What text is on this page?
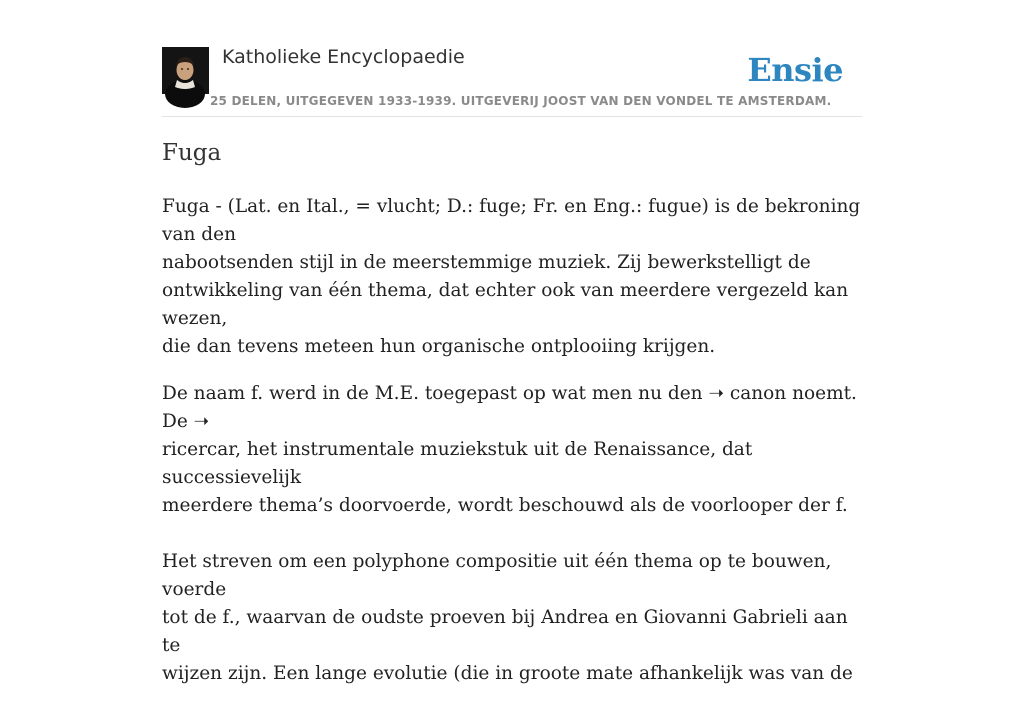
Katholieke Encyclopaedie
25 DELEN, UITGEGEVEN 1933-1939. UITGEVERIJ JOOST VAN DEN VONDEL TE AMSTERDAM.
Ensie
Fuga

Fuga - (Lat. en Ital., = vlucht; D.: fuge; Fr. en Eng.: fugue) is de bekroning van den
nabootsenden stijl in de meerstemmige muziek. Zij bewerkstelligt de
ontwikkeling van één thema, dat echter ook van meerdere vergezeld kan wezen,
die dan tevens meteen hun organische ontplooiing krijgen.

De naam f. werd in de M.E. toegepast op wat men nu den ➝ canon noemt. De ➝
ricercar, het instrumentale muziekstuk uit de Renaissance, dat successievelijk
meerdere thema’s doorvoerde, wordt beschouwd als de voorlooper der f.

Het streven om een polyphone compositie uit één thema op te bouwen, voerde
tot de f., waarvan de oudste proeven bij Andrea en Giovanni Gabrieli aan te
wijzen zijn. Een lange evolutie (die in groote mate afhankelijk was van de
